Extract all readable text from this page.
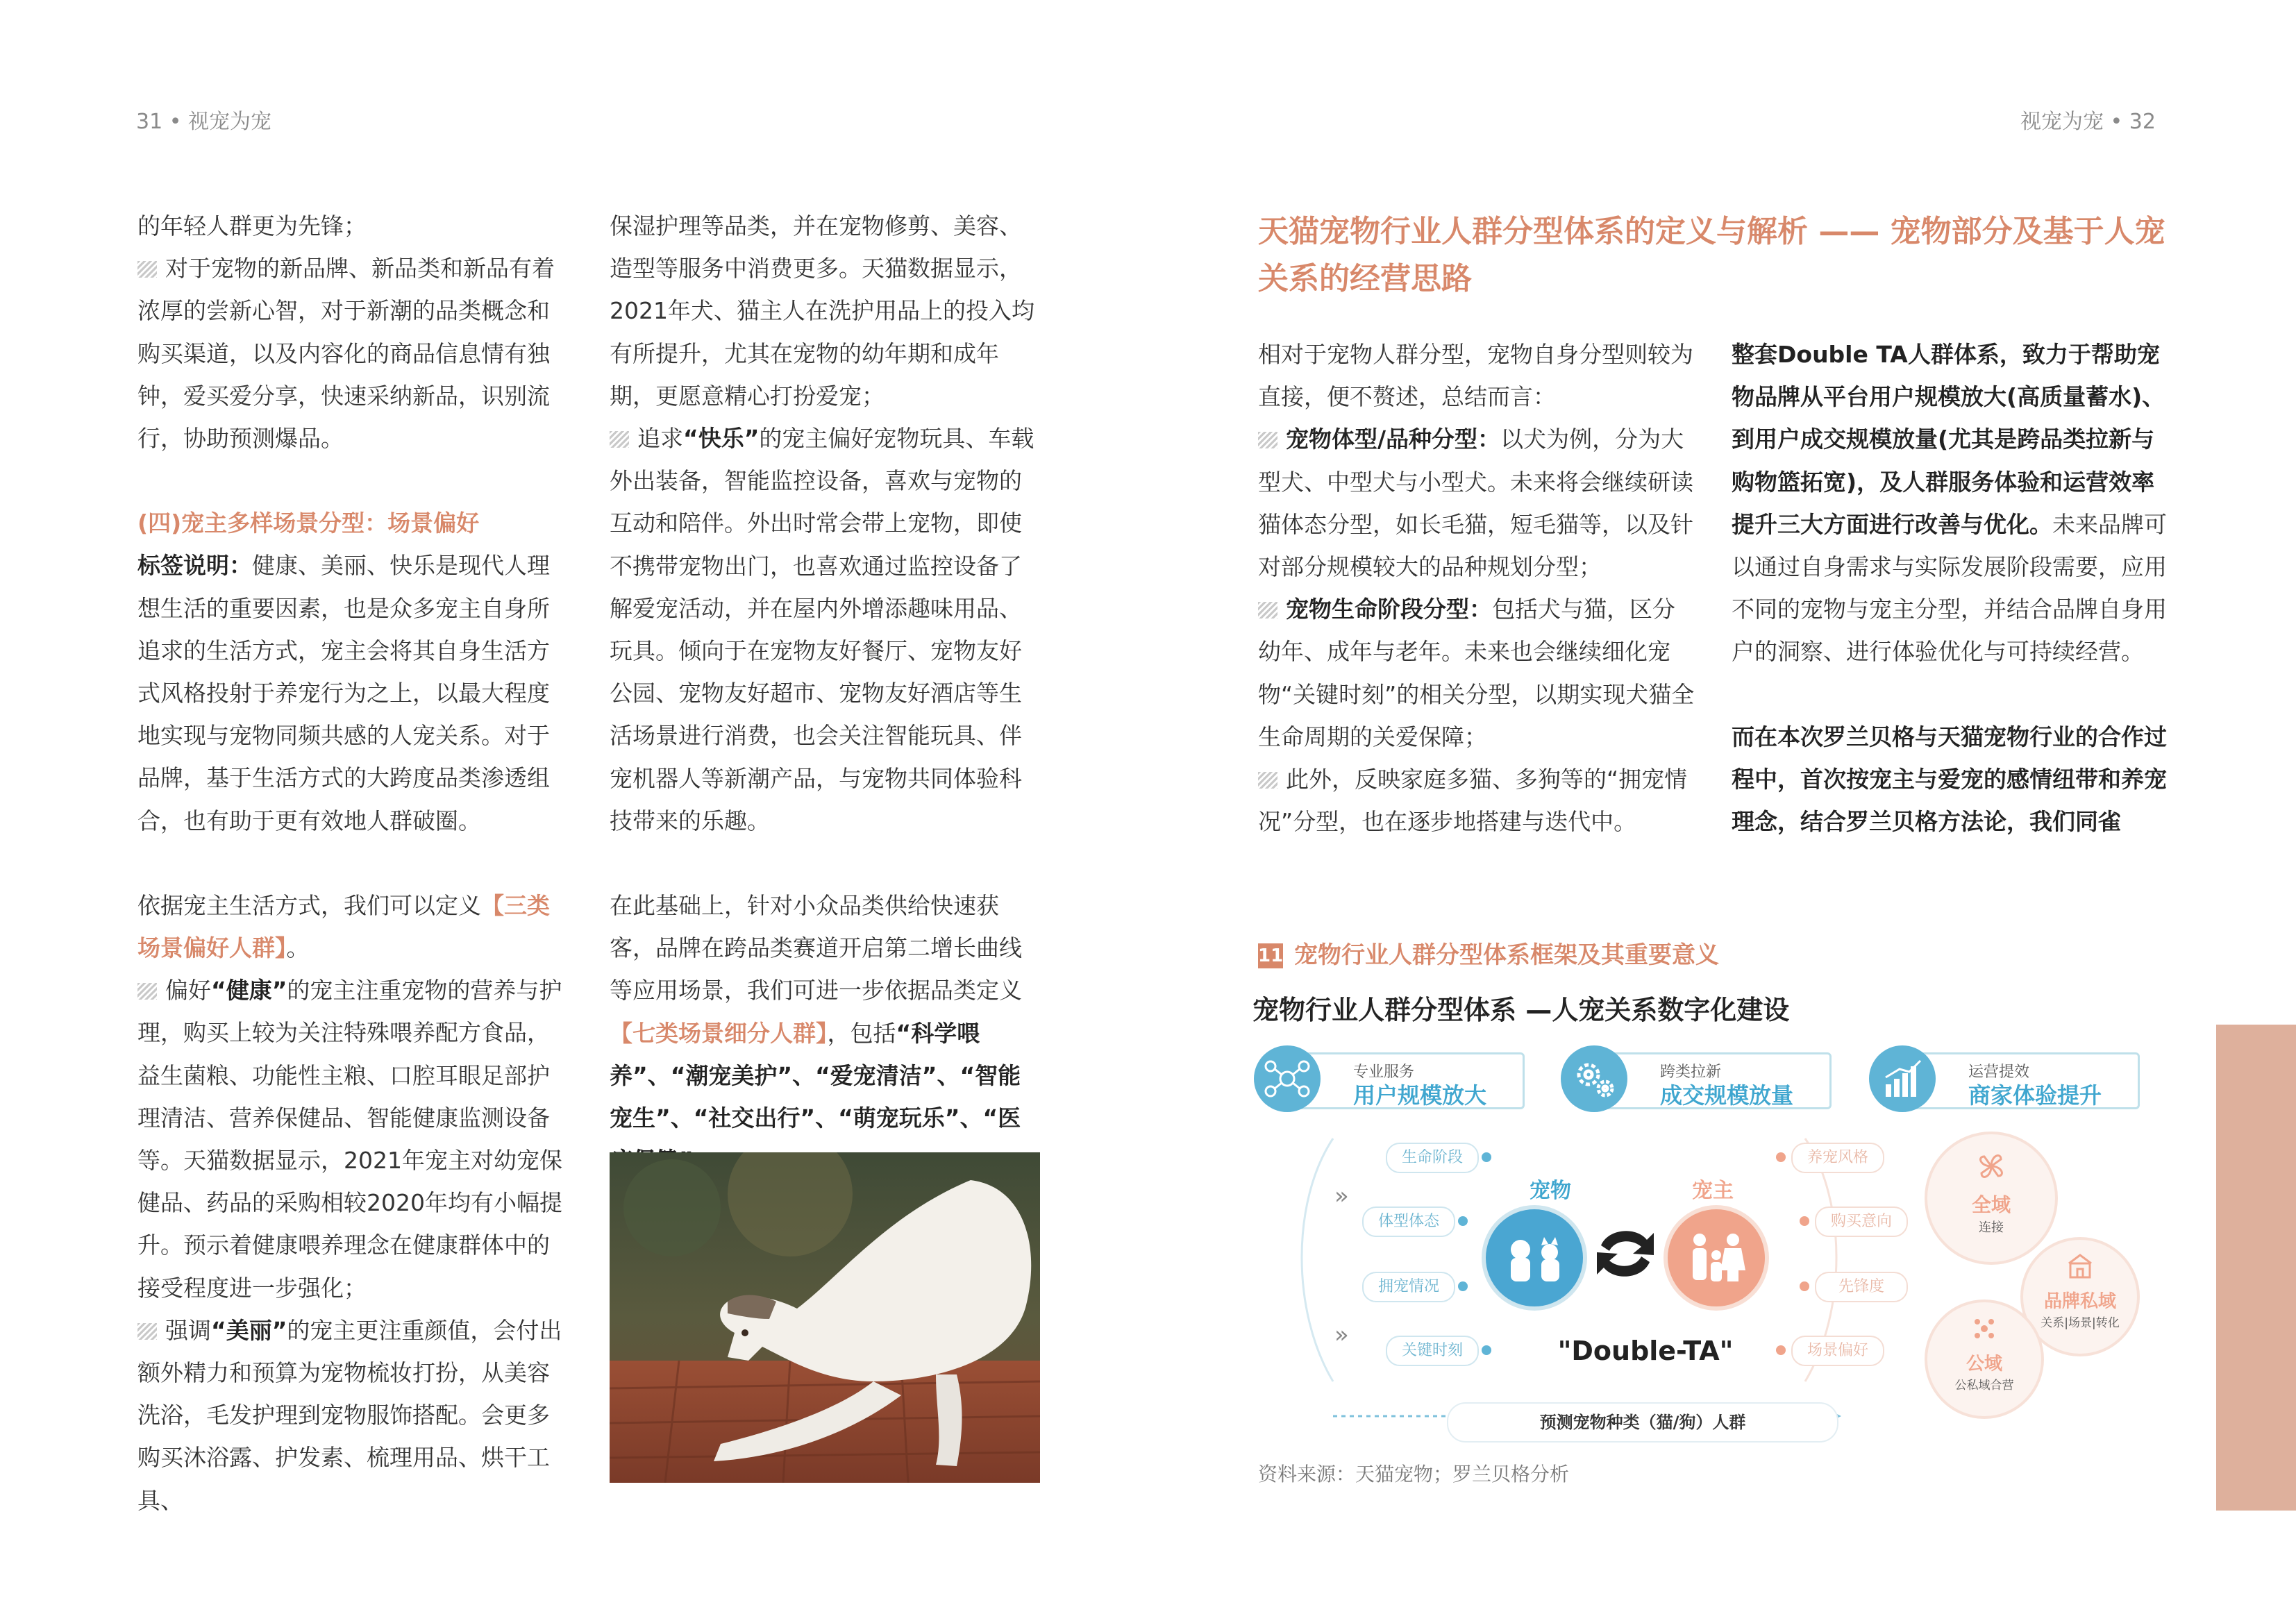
31 • 视宠为宠	视宠为宠 • 32

的年轻人群更为先锋；

对于宠物的新品牌、新品类和新品有着浓厚的尝新心智，对于新潮的品类概念和购买渠道，以及内容化的商品信息情有独钟，爱买爱分享，快速采纳新品，识别流行，协助预测爆品。

(四)宠主多样场景分型：场景偏好

标签说明：健康、美丽、快乐是现代人理想生活的重要因素，也是众多宠主自身所追求的生活方式，宠主会将其自身生活方式风格投射于养宠行为之上，以最大程度地实现与宠物同频共感的人宠关系。对于品牌，基于生活方式的大跨度品类渗透组合，也有助于更有效地人群破圈。

依据宠主生活方式，我们可以定义【三类场景偏好人群】。

偏好“健康”的宠主注重宠物的营养与护理，购买上较为关注特殊喂养配方食品，益生菌粮、功能性主粮、口腔耳眼足部护理清洁、营养保健品、智能健康监测设备等。天猫数据显示，2021年宠主对幼宠保健品、药品的采购相较2020年均有小幅提升。预示着健康喂养理念在健康群体中的接受程度进一步强化；

强调“美丽”的宠主更注重颜值，会付出额外精力和预算为宠物梳妆打扮，从美容洗浴，毛发护理到宠物服饰搭配。会更多购买沐浴露、护发素、梳理用品、烘干工具、

保湿护理等品类，并在宠物修剪、美容、造型等服务中消费更多。天猫数据显示，2021年犬、猫主人在洗护用品上的投入均有所提升，尤其在宠物的幼年期和成年期，更愿意精心打扮爱宠；

追求“快乐”的宠主偏好宠物玩具、车载外出装备，智能监控设备，喜欢与宠物的互动和陪伴。外出时常会带上宠物，即使不携带宠物出门，也喜欢通过监控设备了解爱宠活动，并在屋内外增添趣味用品、玩具。倾向于在宠物友好餐厅、宠物友好公园、宠物友好超市、宠物友好酒店等生活场景进行消费，也会关注智能玩具、伴宠机器人等新潮产品，与宠物共同体验科技带来的乐趣。

在此基础上，针对小众品类供给快速获客，品牌在跨品类赛道开启第二增长曲线等应用场景，我们可进一步依据品类定义【七类场景细分人群】，包括“科学喂养”、“潮宠美护”、“爱宠清洁”、“智能宠生”、“社交出行”、“萌宠玩乐”、“医

天猫宠物行业人群分型体系的定义与解析 —— 宠物部分及基于人宠关系的经营思路

相对于宠物人群分型，宠物自身分型则较为直接，便不赘述，总结而言：

宠物体型/品种分型：以犬为例，分为大型犬、中型犬与小型犬。未来将会继续研读猫体态分型，如长毛猫，短毛猫等，以及针对部分规模较大的品种规划分型；

宠物生命阶段分型：包括犬与猫，区分幼年、成年与老年。未来也会继续细化宠物“关键时刻”的相关分型，以期实现犬猫全生命周期的关爱保障；

此外，反映家庭多猫、多狗等的“拥宠情况”分型，也在逐步地搭建与迭代中。

整套Double TA人群体系，致力于帮助宠物品牌从平台用户规模放大(高质量蓄水)、到用户成交规模放量(尤其是跨品类拉新与购物篮拓宽)，及人群服务体验和运营效率提升三大方面进行改善与优化。未来品牌可以通过自身需求与实际发展阶段需要，应用不同的宠物与宠主分型，并结合品牌自身用户的洞察、进行体验优化与可持续经营。

而在本次罗兰贝格与天猫宠物行业的合作过程中，首次按宠主与爱宠的感情纽带和养宠理念，结合罗兰贝格方法论，我们同雀

11 宠物行业人群分型体系框架及其重要意义
宠物行业人群分型体系 —人宠关系数字化建设
专业服务
用户规模放大
跨类拉新
成交规模放量
运营提效
商家体验提升
»
»
生命阶段
体型体态
拥宠情况
关键时刻
宠物	宠主
养宠风格
购买意向
先锋度
场景偏好
"Double-TA"
预测宠物种类（猫/狗）人群
全域
连接
品牌私域
关系|场景|转化
公域
公私域合营
资料来源：天猫宠物；罗兰贝格分析
